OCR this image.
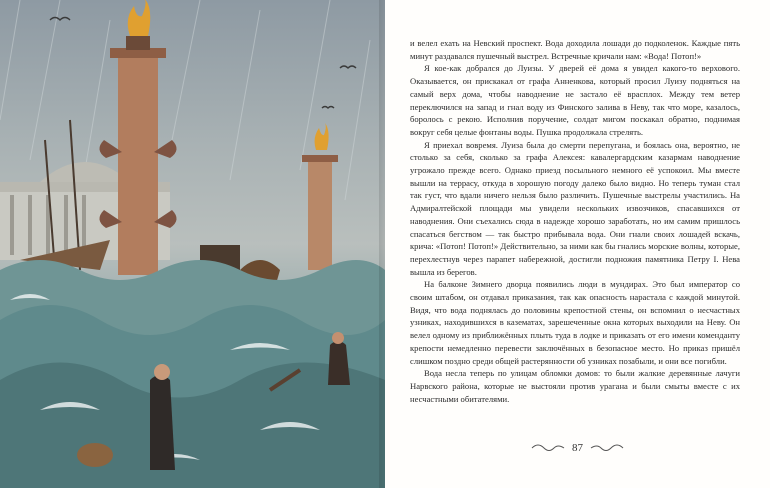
и велел ехать на Невский проспект. Вода доходила лошади до подколенок. Каждые пять минут раздавался пушечный выстрел. Встречные кричали нам: «Вода! Потоп!»

Я кое-как добрался до Луизы. У дверей её дома я увидел какого-то верхового. Оказывается, он прискакал от графа Анненкова, который просил Луизу подняться на самый верх дома, чтобы наводнение не застало её врасплох. Между тем ветер переключился на запад и гнал воду из Финского залива в Неву, так что море, казалось, боролось с рекою. Исполнив поручение, солдат мигом поскакал обратно, поднимая вокруг себя целые фонтаны воды. Пушка продолжала стрелять.

Я приехал вовремя. Луиза была до смерти перепугана, и боялась она, вероятно, не столько за себя, сколько за графа Алексея: кавалергардским казармам наводнение угрожало прежде всего. Однако приезд посыльного немного её успокоил. Мы вместе вышли на террасу, откуда в хорошую погоду далеко было видно. Но теперь туман стал так густ, что вдали ничего нельзя было различить. Пушечные выстрелы участились. На Адмиралтейской площади мы увидели нескольких извозчиков, спасавшихся от наводнения. Они съехались сюда в надежде хорошо заработать, но им самим пришлось спасаться бегством — так быстро прибывала вода. Они гнали своих лошадей вскачь, крича: «Потоп! Потоп!» Действительно, за ними как бы гнались морские волны, которые, перехлестнув через парапет набережной, достигли подножия памятника Петру I. Нева вышла из берегов.

На балконе Зимнего дворца появились люди в мундирах. Это был император со своим штабом, он отдавал приказания, так как опасность нарастала с каждой минутой. Видя, что вода поднялась до половины крепостной стены, он вспомнил о несчастных узниках, находившихся в казематах, зарешеченные окна которых выходили на Неву. Он велел одному из приближённых плыть туда в лодке и приказать от его имени коменданту крепости немедленно перевести заключённых в безопасное место. Но приказ пришёл слишком поздно среди общей растерянности об узниках позабыли, и они все погибли.

Вода несла теперь по улицам обломки домов: то были жалкие деревянные лачуги Нарвского района, которые не выстояли против урагана и были смыты вместе с их несчастными обитателями.

87
